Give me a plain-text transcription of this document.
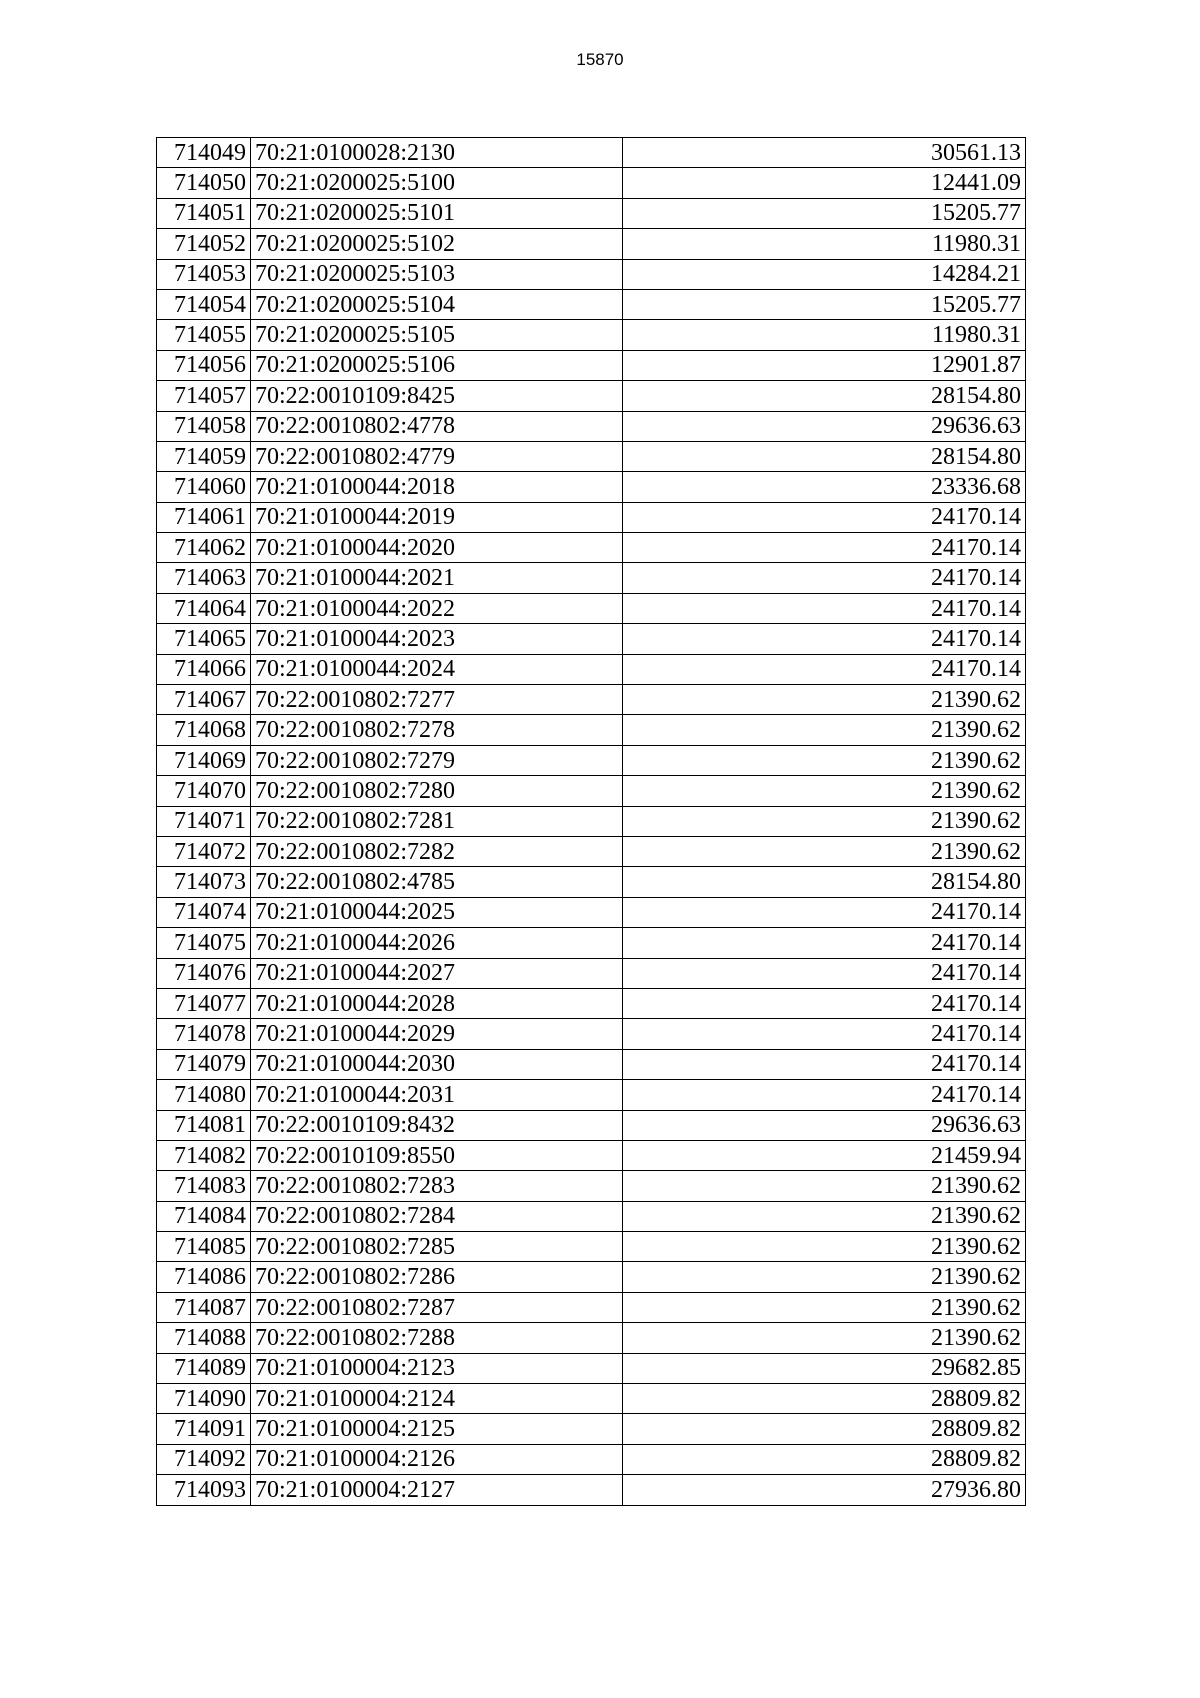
15870
714049	70:21:0100028:2130	30561.13
714050	70:21:0200025:5100	12441.09
714051	70:21:0200025:5101	15205.77
714052	70:21:0200025:5102	11980.31
714053	70:21:0200025:5103	14284.21
714054	70:21:0200025:5104	15205.77
714055	70:21:0200025:5105	11980.31
714056	70:21:0200025:5106	12901.87
714057	70:22:0010109:8425	28154.80
714058	70:22:0010802:4778	29636.63
714059	70:22:0010802:4779	28154.80
714060	70:21:0100044:2018	23336.68
714061	70:21:0100044:2019	24170.14
714062	70:21:0100044:2020	24170.14
714063	70:21:0100044:2021	24170.14
714064	70:21:0100044:2022	24170.14
714065	70:21:0100044:2023	24170.14
714066	70:21:0100044:2024	24170.14
714067	70:22:0010802:7277	21390.62
714068	70:22:0010802:7278	21390.62
714069	70:22:0010802:7279	21390.62
714070	70:22:0010802:7280	21390.62
714071	70:22:0010802:7281	21390.62
714072	70:22:0010802:7282	21390.62
714073	70:22:0010802:4785	28154.80
714074	70:21:0100044:2025	24170.14
714075	70:21:0100044:2026	24170.14
714076	70:21:0100044:2027	24170.14
714077	70:21:0100044:2028	24170.14
714078	70:21:0100044:2029	24170.14
714079	70:21:0100044:2030	24170.14
714080	70:21:0100044:2031	24170.14
714081	70:22:0010109:8432	29636.63
714082	70:22:0010109:8550	21459.94
714083	70:22:0010802:7283	21390.62
714084	70:22:0010802:7284	21390.62
714085	70:22:0010802:7285	21390.62
714086	70:22:0010802:7286	21390.62
714087	70:22:0010802:7287	21390.62
714088	70:22:0010802:7288	21390.62
714089	70:21:0100004:2123	29682.85
714090	70:21:0100004:2124	28809.82
714091	70:21:0100004:2125	28809.82
714092	70:21:0100004:2126	28809.82
714093	70:21:0100004:2127	27936.80
